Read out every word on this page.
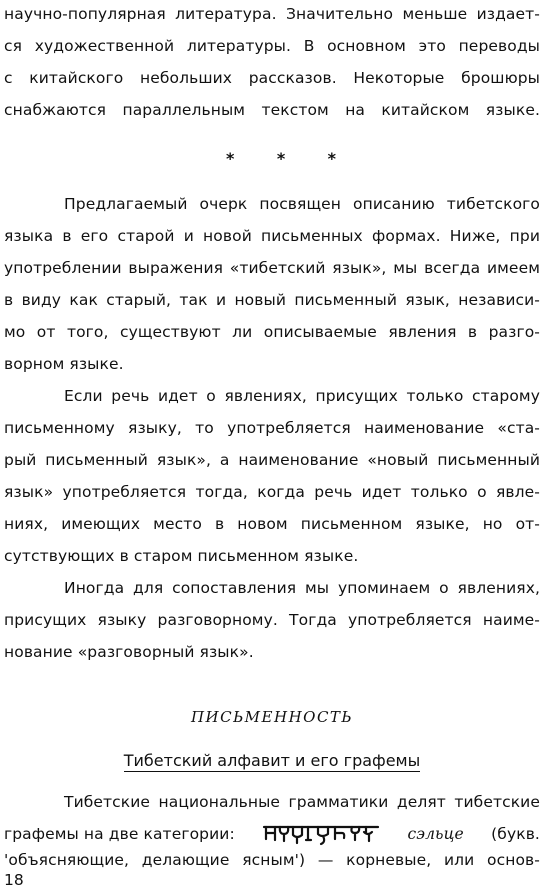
научно-популярная литература. Значительно меньше издает-
ся художественной литературы. В основном это переводы
с китайского небольших рассказов. Некоторые брошюры
снабжаются параллельным текстом на китайском языке.
*	*	*
Предлагаемый очерк посвящен описанию тибетского
языка в его старой и новой письменных формах. Ниже, при
употреблении выражения «тибетский язык», мы всегда имеем
в виду как старый, так и новый письменный язык, независи-
мо от того, существуют ли описываемые явления в разго-
ворном языке.
Если речь идет о явлениях, присущих только старому
письменному языку, то употребляется наименование «ста-
рый письменный язык», а наименование «новый письменный
язык» употребляется тогда, когда речь идет только о явле-
ниях, имеющих место в новом письменном языке, но от-
сутствующих в старом письменном языке.
Иногда для сопоставления мы упоминаем о явлениях,
присущих языку разговорному. Тогда употребляется наиме-
нование «разговорный язык».
ПИСЬМЕННОСТЬ
Тибетский алфавит и его графемы
Тибетские национальные грамматики делят тибетские
графемы на две категории:	сэльце (букв.
'объясняющие, делающие ясным') — корневые, или основ-
18
